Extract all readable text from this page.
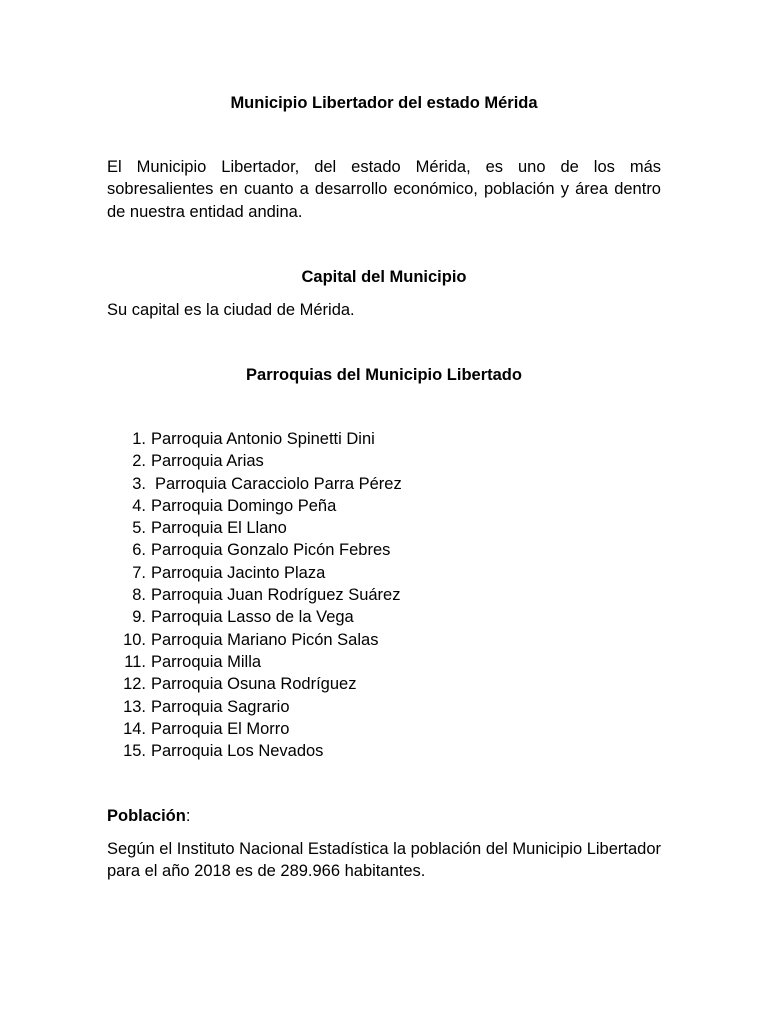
Municipio Libertador del estado Mérida

El Municipio Libertador, del estado Mérida, es uno de los más sobresalientes en cuanto a desarrollo económico, población y área dentro de nuestra entidad andina.

Capital del Municipio

Su capital es la ciudad de Mérida.

Parroquias del Municipio Libertado
1. Parroquia Antonio Spinetti Dini
2. Parroquia Arias
3. Parroquia Caracciolo Parra Pérez
4. Parroquia Domingo Peña
5. Parroquia El Llano
6. Parroquia Gonzalo Picón Febres
7. Parroquia Jacinto Plaza
8. Parroquia Juan Rodríguez Suárez
9. Parroquia Lasso de la Vega
10. Parroquia Mariano Picón Salas
11. Parroquia Milla
12. Parroquia Osuna Rodríguez
13. Parroquia Sagrario
14. Parroquia El Morro
15. Parroquia Los Nevados
Población:

Según el Instituto Nacional Estadística la población del Municipio Libertador para el año 2018 es de 289.966 habitantes.
